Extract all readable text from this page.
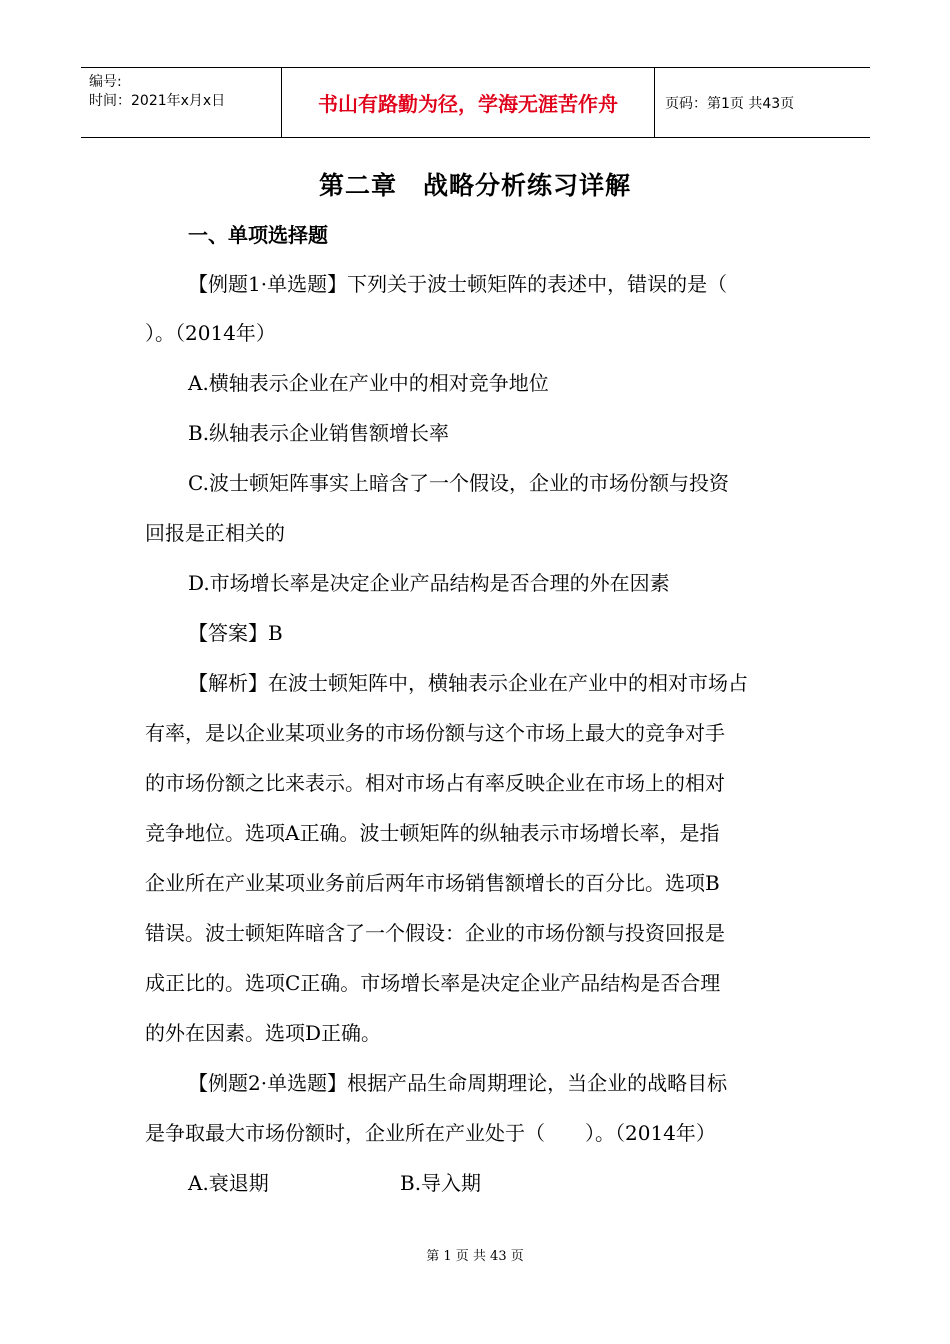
编号:
时间：2021年x月x日	书山有路勤为径，学海无涯苦作舟	页码：第1页 共43页
第二章　战略分析练习详解
一、单项选择题
【例题1·单选题】下列关于波士顿矩阵的表述中，错误的是（
）。（2014年）
A.横轴表示企业在产业中的相对竞争地位
B.纵轴表示企业销售额增长率
C.波士顿矩阵事实上暗含了一个假设，企业的市场份额与投资
回报是正相关的
D.市场增长率是决定企业产品结构是否合理的外在因素
【答案】B
【解析】在波士顿矩阵中，横轴表示企业在产业中的相对市场占
有率，是以企业某项业务的市场份额与这个市场上最大的竞争对手
的市场份额之比来表示。相对市场占有率反映企业在市场上的相对
竞争地位。选项A正确。波士顿矩阵的纵轴表示市场增长率，是指
企业所在产业某项业务前后两年市场销售额增长的百分比。选项B
错误。波士顿矩阵暗含了一个假设：企业的市场份额与投资回报是
成正比的。选项C正确。市场增长率是决定企业产品结构是否合理
的外在因素。选项D正确。
【例题2·单选题】根据产品生命周期理论，当企业的战略目标
是争取最大市场份额时，企业所在产业处于（　　）。（2014年）
A.衰退期	B.导入期
第 1 页 共 43 页
